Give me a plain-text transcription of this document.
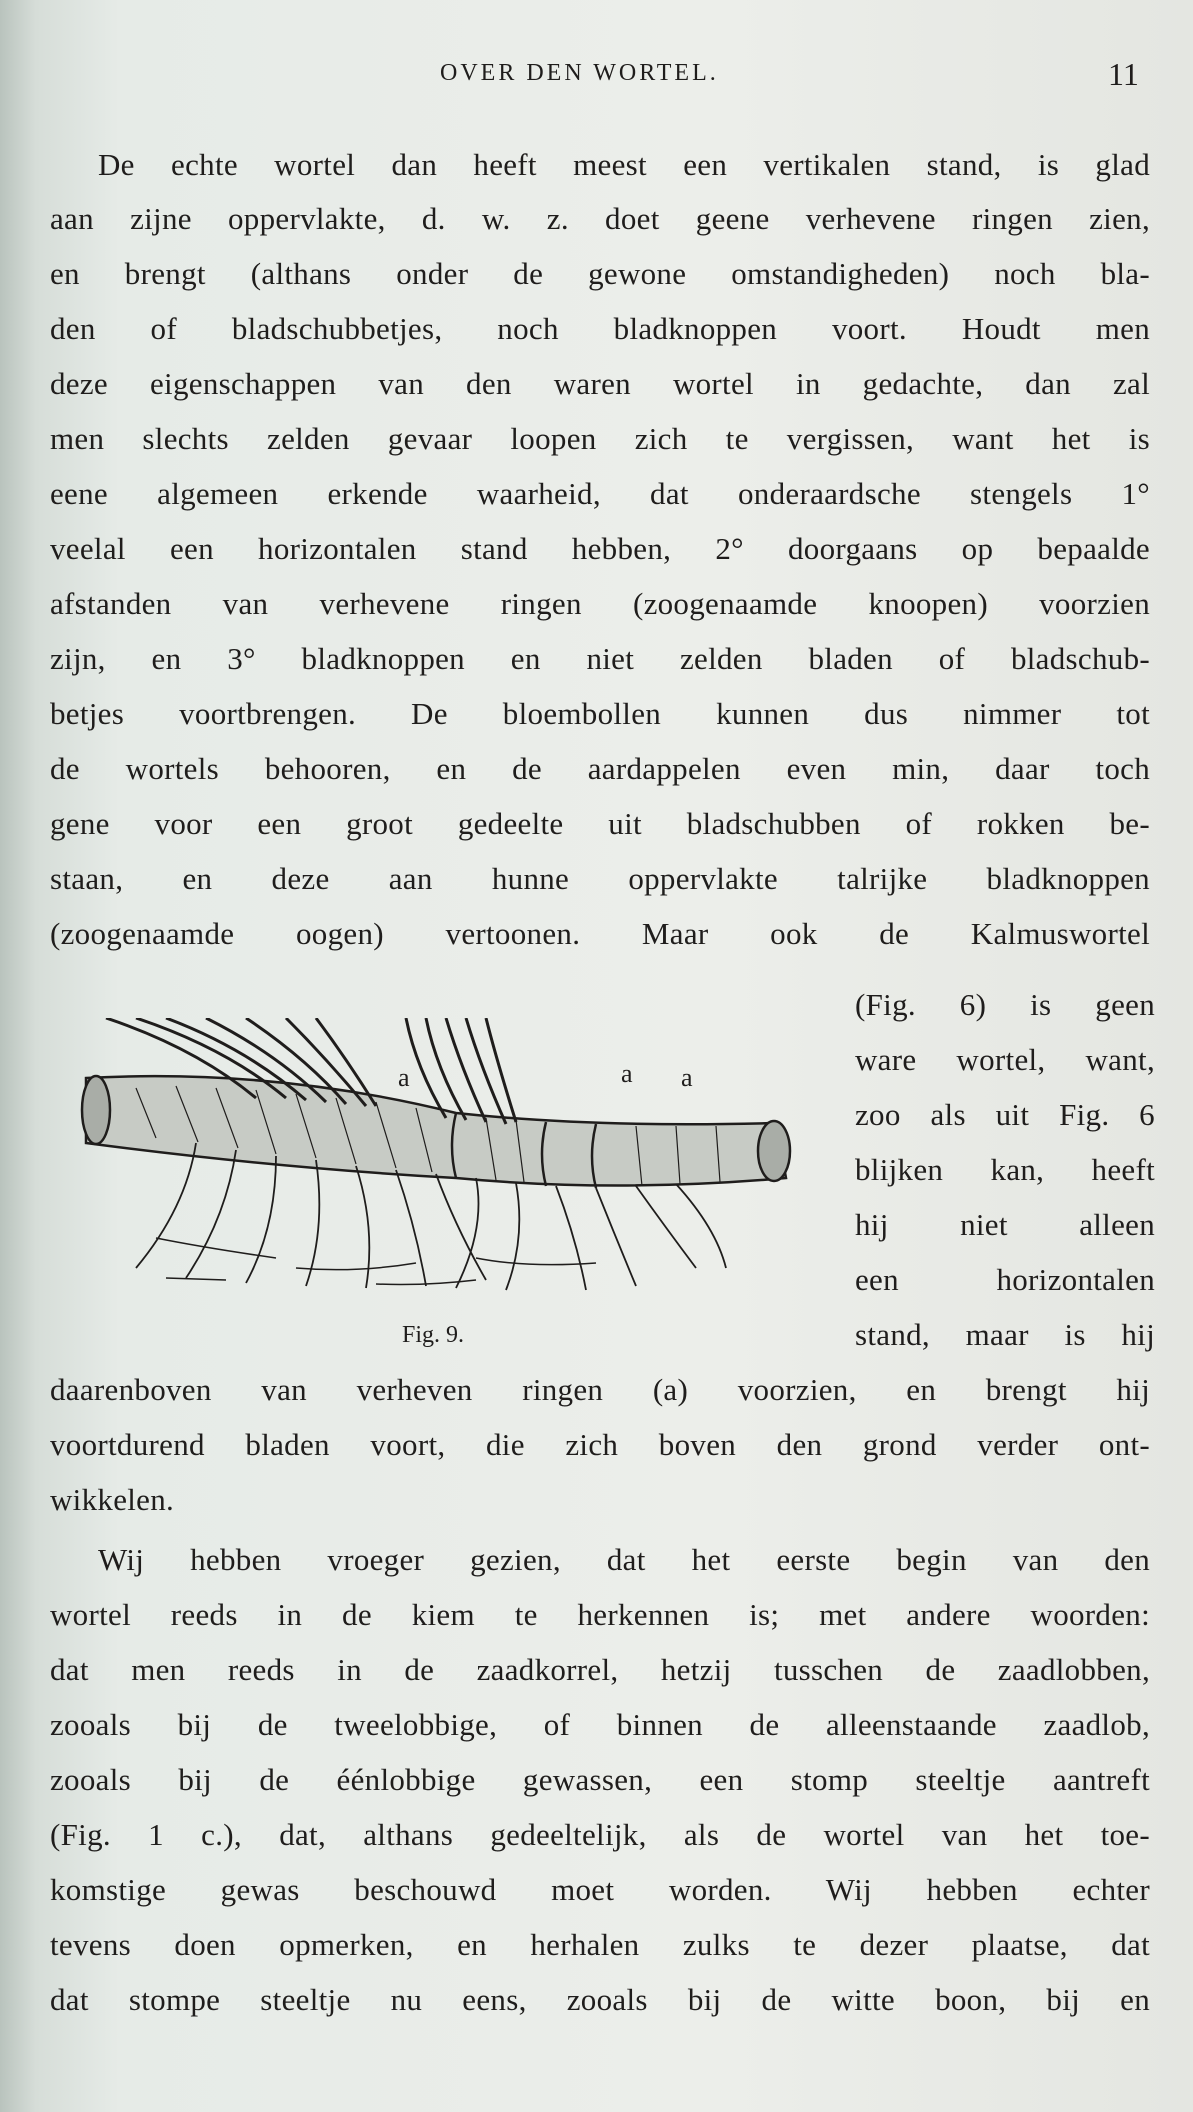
OVER DEN WORTEL.	11
De echte wortel dan heeft meest een vertikalen stand, is glad
aan zijne oppervlakte, d. w. z. doet geene verhevene ringen zien,
en brengt (althans onder de gewone omstandigheden) noch bla-
den of bladschubbetjes, noch bladknoppen voort. Houdt men
deze eigenschappen van den waren wortel in gedachte, dan zal
men slechts zelden gevaar loopen zich te vergissen, want het is
eene algemeen erkende waarheid, dat onderaardsche stengels 1°
veelal een horizontalen stand hebben, 2° doorgaans op bepaalde
afstanden van verhevene ringen (zoogenaamde knoopen) voorzien
zijn, en 3° bladknoppen en niet zelden bladen of bladschub-
betjes voortbrengen. De bloembollen kunnen dus nimmer tot
de wortels behooren, en de aardappelen even min, daar toch
gene voor een groot gedeelte uit bladschubben of rokken be-
staan, en deze aan hunne oppervlakte talrijke bladknoppen
(zoogenaamde oogen) vertoonen. Maar ook de Kalmuswortel
(Fig. 6) is geen
ware wortel, want,
zoo als uit Fig. 6
blijken kan, heeft
hij niet alleen
een horizontalen
stand, maar is hij
a	a a
Fig. 9.
daarenboven van verheven ringen (a) voorzien, en brengt hij
voortdurend bladen voort, die zich boven den grond verder ont-
wikkelen.
Wij hebben vroeger gezien, dat het eerste begin van den
wortel reeds in de kiem te herkennen is; met andere woorden:
dat men reeds in de zaadkorrel, hetzij tusschen de zaadlobben,
zooals bij de tweelobbige, of binnen de alleenstaande zaadlob,
zooals bij de éénlobbige gewassen, een stomp steeltje aantreft
(Fig. 1 c.), dat, althans gedeeltelijk, als de wortel van het toe-
komstige gewas beschouwd moet worden. Wij hebben echter
tevens doen opmerken, en herhalen zulks te dezer plaatse, dat
dat stompe steeltje nu eens, zooals bij de witte boon, bij en
